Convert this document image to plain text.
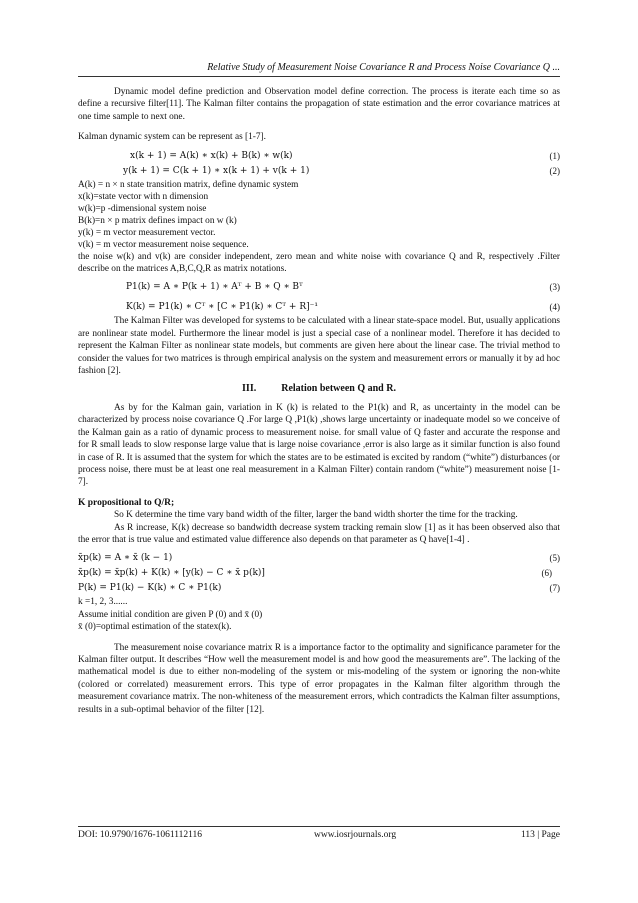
Relative Study of Measurement Noise Covariance R and Process Noise Covariance Q ...

Dynamic model define prediction and Observation model define correction. The process is iterate each time so as define a recursive filter[11]. The Kalman filter contains the propagation of state estimation and the error covariance matrices at one time sample to next one.

Kalman dynamic system can be represent as [1-7].

x(k + 1) = A(k) ∗ x(k) + B(k) ∗ w(k)	(1)
y(k + 1) = C(k + 1) ∗ x(k + 1) + v(k + 1)	(2)
A(k) = n × n state transition matrix, define dynamic system
x(k)=state vector with n dimension
w(k)=p -dimensional system noise
B(k)=n × p matrix defines impact on w (k)
y(k) = m vector measurement vector.
v(k) = m vector measurement noise sequence.

the noise w(k) and v(k) are consider independent, zero mean and white noise with covariance Q and R, respectively .Filter describe on the matrices A,B,C,Q,R as matrix notations.

P1(k) = A ∗ P(k + 1) ∗ Aᵀ + B ∗ Q ∗ Bᵀ	(3)
K(k) = P1(k) ∗ Cᵀ ∗ [C ∗ P1(k) ∗ Cᵀ + R]⁻¹	(4)

The Kalman Filter was developed for systems to be calculated with a linear state-space model. But, usually applications are nonlinear state model. Furthermore the linear model is just a special case of a nonlinear model. Therefore it has decided to represent the Kalman Filter as nonlinear state models, but comments are given here about the linear case. The trivial method to consider the values for two matrices is through empirical analysis on the system and measurement errors or manually it by ad hoc fashion [2].

III.	Relation between Q and R.

As by for the Kalman gain, variation in K (k) is related to the P1(k) and R, as uncertainty in the model can be characterized by process noise covariance Q .For large Q ,P1(k) ,shows large uncertainty or inadequate model so we conceive of the Kalman gain as a ratio of dynamic process to measurement noise. for small value of Q faster and accurate the response and for R small leads to slow response large value that is large noise covariance ,error is also large as it similar function is also found in case of R. It is assumed that the system for which the states are to be estimated is excited by random (“white”) disturbances (or process noise, there must be at least one real measurement in a Kalman Filter) contain random (“white”) measurement noise [1-7].

K propositional to Q/R;

So K determine the time vary band width of the filter, larger the band width shorter the time for the tracking.

As R increase, K(k) decrease so bandwidth decrease system tracking remain slow [1] as it has been observed also that the error that is true value and estimated value difference also depends on that parameter as Q have[1-4] .

x̄p(k) = A ∗ x̄ (k − 1)	(5)
x̄p(k) = x̄p(k) + K(k) ∗ [y(k) − C ∗ x̄ p(k)]	(6)
P(k) = P1(k) − K(k) ∗ C ∗ P1(k)	(7)
k =1, 2, 3......
Assume initial condition are given P (0) and x̄ (0)
x̄ (0)=optimal estimation of the statex(k).

The measurement noise covariance matrix R is a importance factor to the optimality and significance parameter for the Kalman filter output. It describes “How well the measurement model is and how good the measurements are”. The lacking of the mathematical model is due to either non-modeling of the system or mis-modeling of the system or ignoring the non-white (colored or correlated) measurement errors. This type of error propagates in the Kalman filter algorithm through the measurement covariance matrix. The non-whiteness of the measurement errors, which contradicts the Kalman filter assumptions, results in a sub-optimal behavior of the filter [12].

DOI: 10.9790/1676-1061112116	www.iosrjournals.org	113 | Page
